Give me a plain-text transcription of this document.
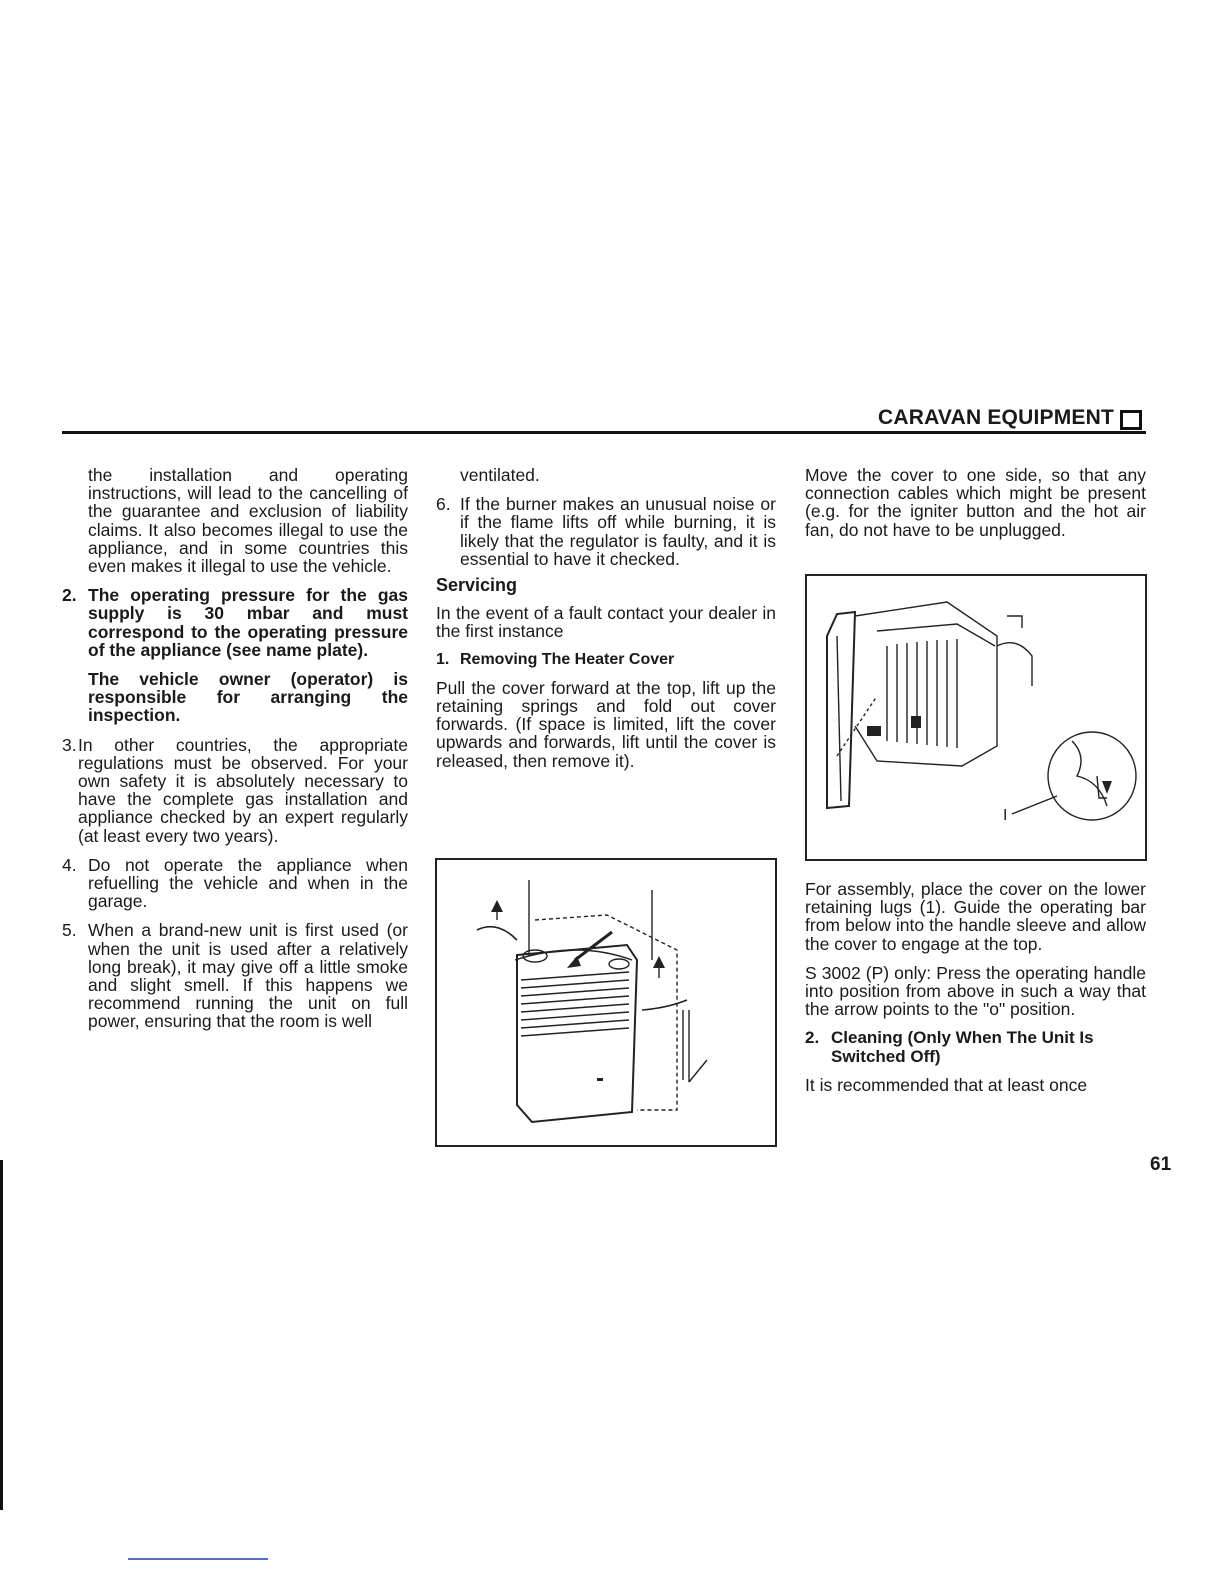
CARAVAN EQUIPMENT

the installation and operating instructions, will lead to the cancelling of the guarantee and exclusion of liability claims. It also becomes illegal to use the appliance, and in some countries this even makes it illegal to use the vehicle.

2. The operating pressure for the gas supply is 30 mbar and must correspond to the operating pressure of the appliance (see name plate).

The vehicle owner (operator) is responsible for arranging the inspection.

3. In other countries, the appropriate regulations must be observed. For your own safety it is absolutely necessary to have the complete gas installation and appliance checked by an expert regularly (at least every two years).

4. Do not operate the appliance when refuelling the vehicle and when in the garage.

5. When a brand-new unit is first used (or when the unit is used after a relatively long break), it may give off a little smoke and slight smell. If this happens we recommend running the unit on full power, ensuring that the room is well

ventilated.

6. If the burner makes an unusual noise or if the flame lifts off while burning, it is likely that the regulator is faulty, and it is essential to have it checked.

Servicing

In the event of a fault contact your dealer in the first instance

1. Removing The Heater Cover

Pull the cover forward at the top, lift up the retaining springs and fold out cover forwards. (If space is limited, lift the cover upwards and forwards, lift until the cover is released, then remove it).

Move the cover to one side, so that any connection cables which might be present (e.g. for the igniter button and the hot air fan, do not have to be unplugged.

I

For assembly, place the cover on the lower retaining lugs (1). Guide the operating bar from below into the handle sleeve and allow the cover to engage at the top.

S 3002 (P) only: Press the operating handle into position from above in such a way that the arrow points to the "o" position.

2. Cleaning (Only When The Unit Is Switched Off)

It is recommended that at least once

61
